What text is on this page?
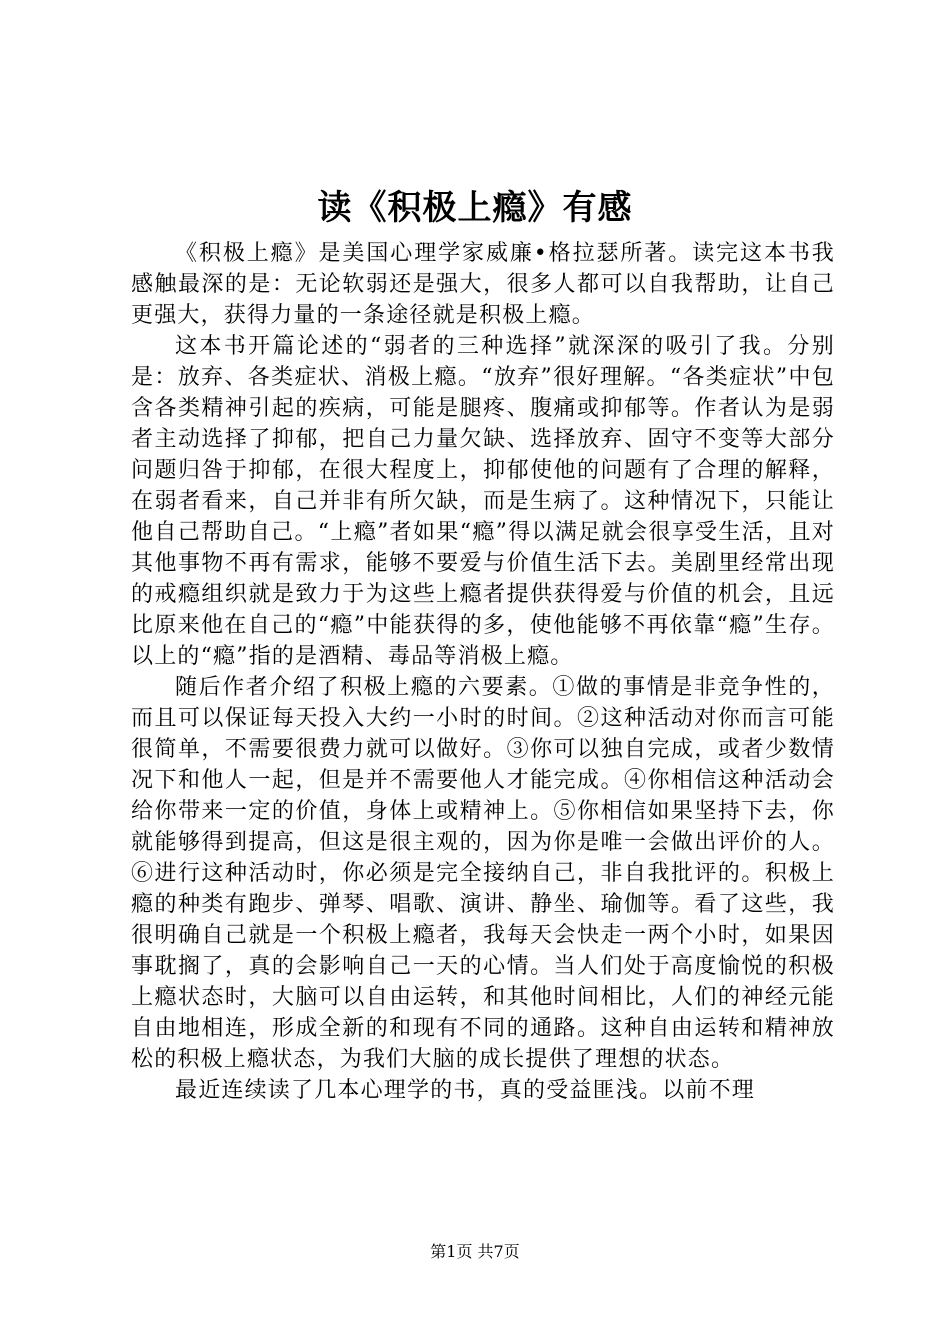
读《积极上瘾》有感

《积极上瘾》是美国心理学家威廉•格拉瑟所著。读完这本书我感触最深的是：无论软弱还是强大，很多人都可以自我帮助，让自己更强大，获得力量的一条途径就是积极上瘾。

这本书开篇论述的“弱者的三种选择”就深深的吸引了我。分别是：放弃、各类症状、消极上瘾。“放弃”很好理解。“各类症状”中包含各类精神引起的疾病，可能是腿疼、腹痛或抑郁等。作者认为是弱者主动选择了抑郁，把自己力量欠缺、选择放弃、固守不变等大部分问题归咎于抑郁，在很大程度上，抑郁使他的问题有了合理的解释，在弱者看来，自己并非有所欠缺，而是生病了。这种情况下，只能让他自己帮助自己。“上瘾”者如果“瘾”得以满足就会很享受生活，且对其他事物不再有需求，能够不要爱与价值生活下去。美剧里经常出现的戒瘾组织就是致力于为这些上瘾者提供获得爱与价值的机会，且远比原来他在自己的“瘾”中能获得的多，使他能够不再依靠“瘾”生存。以上的“瘾”指的是酒精、毒品等消极上瘾。

随后作者介绍了积极上瘾的六要素。①做的事情是非竞争性的，而且可以保证每天投入大约一小时的时间。②这种活动对你而言可能很简单，不需要很费力就可以做好。③你可以独自完成，或者少数情况下和他人一起，但是并不需要他人才能完成。④你相信这种活动会给你带来一定的价值，身体上或精神上。⑤你相信如果坚持下去，你就能够得到提高，但这是很主观的，因为你是唯一会做出评价的人。⑥进行这种活动时，你必须是完全接纳自己，非自我批评的。积极上瘾的种类有跑步、弹琴、唱歌、演讲、静坐、瑜伽等。看了这些，我很明确自己就是一个积极上瘾者，我每天会快走一两个小时，如果因事耽搁了，真的会影响自己一天的心情。当人们处于高度愉悦的积极上瘾状态时，大脑可以自由运转，和其他时间相比，人们的神经元能自由地相连，形成全新的和现有不同的通路。这种自由运转和精神放松的积极上瘾状态，为我们大脑的成长提供了理想的状态。

最近连续读了几本心理学的书，真的受益匪浅。以前不理

第1页 共7页
